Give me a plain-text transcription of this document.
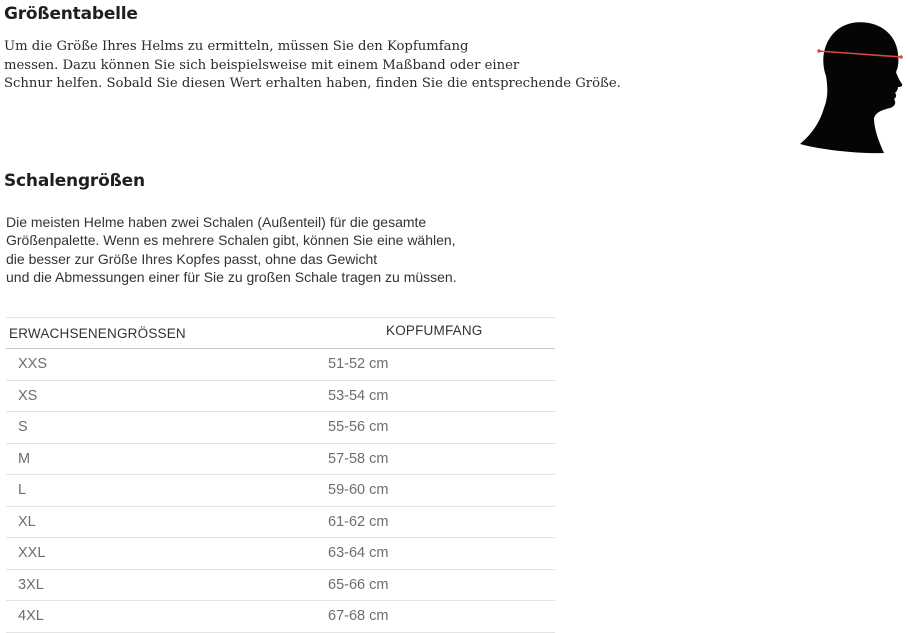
Größentabelle
Um die Größe Ihres Helms zu ermitteln, müssen Sie den Kopfumfang
messen. Dazu können Sie sich beispielsweise mit einem Maßband oder einer
Schnur helfen. Sobald Sie diesen Wert erhalten haben, finden Sie die entsprechende Größe.
Schalengrößen
Die meisten Helme haben zwei Schalen (Außenteil) für die gesamte
Größenpalette. Wenn es mehrere Schalen gibt, können Sie eine wählen,
die besser zur Größe Ihres Kopfes passt, ohne das Gewicht
und die Abmessungen einer für Sie zu großen Schale tragen zu müssen.
ERWACHSENENGRÖSSEN	KOPFUMFANG
XXS	51-52 cm
XS	53-54 cm
S	55-56 cm
M	57-58 cm
L	59-60 cm
XL	61-62 cm
XXL	63-64 cm
3XL	65-66 cm
4XL	67-68 cm
